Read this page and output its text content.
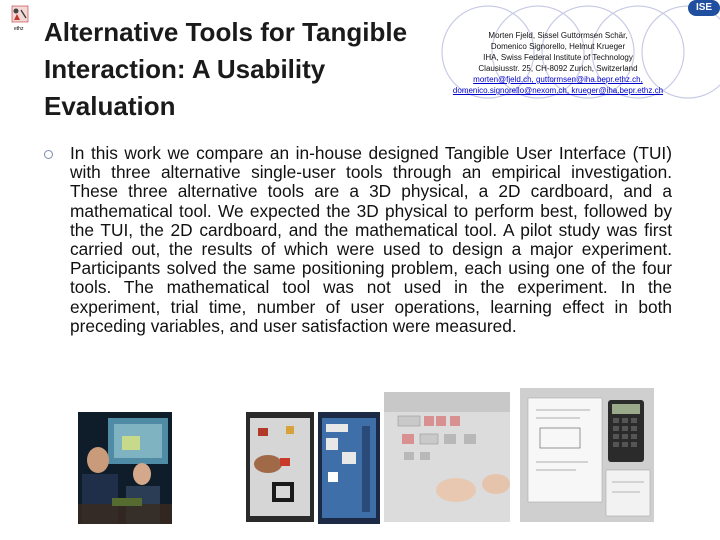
ethz
ISE
Alternative Tools for Tangible Interaction: A Usability Evaluation
Morten Fjeld, Sissel Guttormsen Schär,
Domenico Signorello, Helmut Krueger
IHA, Swiss Federal Institute of Technology
Clausiusstr. 25, CH-8092 Zurich, Switzerland
morten@fjeld.ch, guttormsen@iha.bepr.ethz.ch,
domenico.signorello@nexom.ch, krueger@iha.bepr.ethz.ch
In this work we compare an in-house designed Tangible User Interface (TUI) with three alternative single-user tools through an empirical investigation. These three alternative tools are a 3D physical, a 2D cardboard, and a mathematical tool. We expected the 3D physical to perform best, followed by the TUI, the 2D cardboard, and the mathematical tool. A pilot study was first carried out, the results of which were used to design a major experiment. Participants solved the same positioning problem, each using one of the four tools. The mathematical tool was not used in the experiment. In the experiment, trial time, number of user operations, learning effect in both preceding variables, and user satisfaction were measured.
